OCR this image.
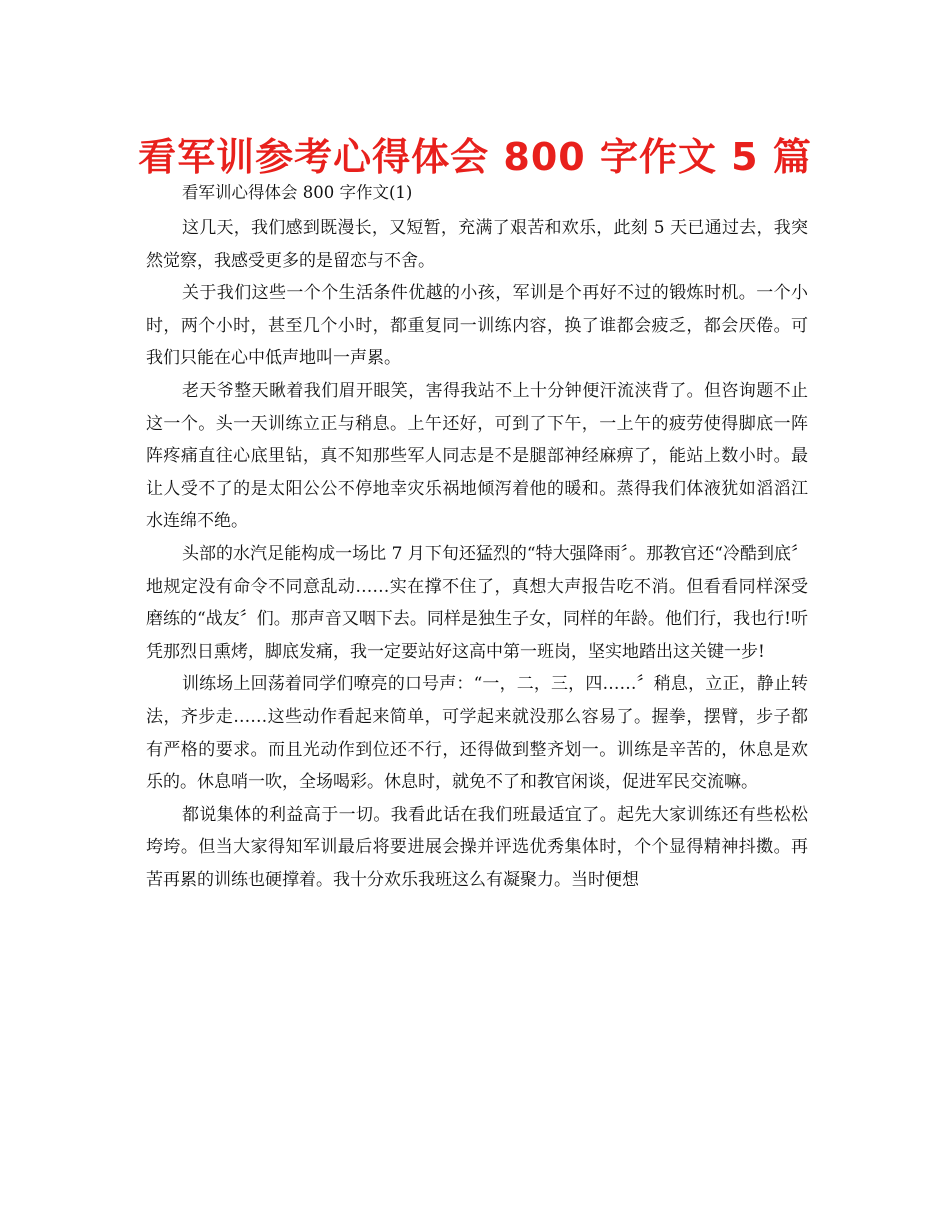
看军训参考心得体会 800 字作文 5 篇
看军训心得体会 800 字作文(1)

这几天，我们感到既漫长，又短暂，充满了艰苦和欢乐，此刻 5 天已通过去，我突然觉察，我感受更多的是留恋与不舍。

关于我们这些一个个生活条件优越的小孩，军训是个再好不过的锻炼时机。一个小时，两个小时，甚至几个小时，都重复同一训练内容，换了谁都会疲乏，都会厌倦。可我们只能在心中低声地叫一声累。

老天爷整天瞅着我们眉开眼笑，害得我站不上十分钟便汗流浃背了。但咨询题不止这一个。头一天训练立正与稍息。上午还好，可到了下午，一上午的疲劳使得脚底一阵阵疼痛直往心底里钻，真不知那些军人同志是不是腿部神经麻痹了，能站上数小时。最让人受不了的是太阳公公不停地幸灾乐祸地倾泻着他的暖和。蒸得我们体液犹如滔滔江水连绵不绝。

头部的水汽足能构成一场比 7 月下旬还猛烈的“特大强降雨〞。那教官还“冷酷到底〞地规定没有命令不同意乱动……实在撑不住了，真想大声报告吃不消。但看看同样深受磨练的“战友〞们。那声音又咽下去。同样是独生子女，同样的年龄。他们行，我也行!听凭那烈日熏烤，脚底发痛，我一定要站好这高中第一班岗，坚实地踏出这关键一步!

训练场上回荡着同学们嘹亮的口号声：“一，二，三，四……〞稍息，立正，静止转法，齐步走……这些动作看起来简单，可学起来就没那么容易了。握拳，摆臂，步子都有严格的要求。而且光动作到位还不行，还得做到整齐划一。训练是辛苦的，休息是欢乐的。休息哨一吹，全场喝彩。休息时，就免不了和教官闲谈，促进军民交流嘛。

都说集体的利益高于一切。我看此话在我们班最适宜了。起先大家训练还有些松松垮垮。但当大家得知军训最后将要进展会操并评选优秀集体时，个个显得精神抖擞。再苦再累的训练也硬撑着。我十分欢乐我班这么有凝聚力。当时便想
